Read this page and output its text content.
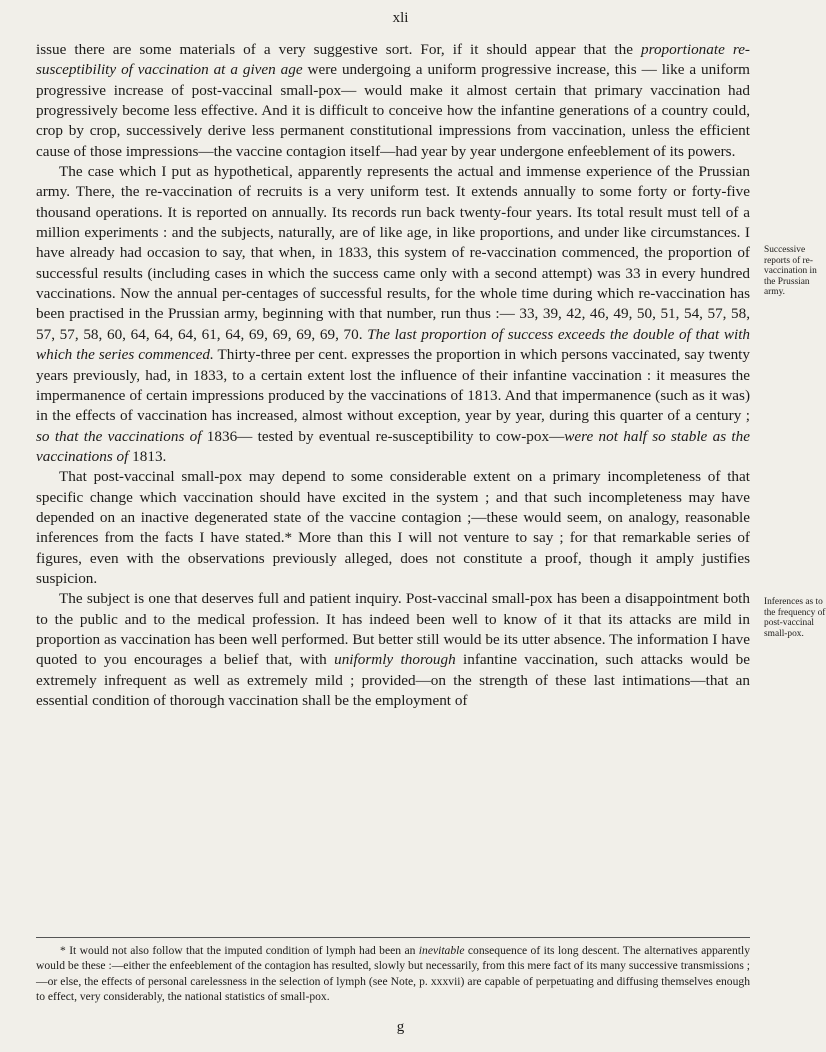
xli

issue there are some materials of a very suggestive sort. For, if it should appear that the proportionate re-susceptibility of vaccination at a given age were undergoing a uniform progressive increase, this — like a uniform progressive increase of post-vaccinal small-pox— would make it almost certain that primary vaccination had progressively become less effective. And it is difficult to conceive how the infantine generations of a country could, crop by crop, successively derive less permanent constitutional impressions from vaccination, unless the efficient cause of those impressions—the vaccine contagion itself—had year by year undergone enfeeblement of its powers.

The case which I put as hypothetical, apparently represents the actual and immense experience of the Prussian army. There, the re-vaccination of recruits is a very uniform test. It extends annually to some forty or forty-five thousand operations. It is reported on annually. Its records run back twenty-four years. Its total result must tell of a million experiments : and the subjects, naturally, are of like age, in like proportions, and under like circumstances. I have already had occasion to say, that when, in 1833, this system of re-vaccination commenced, the proportion of successful results (including cases in which the success came only with a second attempt) was 33 in every hundred vaccinations. Now the annual per-centages of successful results, for the whole time during which re-vaccination has been practised in the Prussian army, beginning with that number, run thus :— 33, 39, 42, 46, 49, 50, 51, 54, 57, 58, 57, 57, 58, 60, 64, 64, 64, 61, 64, 69, 69, 69, 69, 70. The last proportion of success exceeds the double of that with which the series commenced. Thirty-three per cent. expresses the proportion in which persons vaccinated, say twenty years previously, had, in 1833, to a certain extent lost the influence of their infantine vaccination : it measures the impermanence of certain impressions produced by the vaccinations of 1813. And that impermanence (such as it was) in the effects of vaccination has increased, almost without exception, year by year, during this quarter of a century ; so that the vaccinations of 1836— tested by eventual re-susceptibility to cow-pox—were not half so stable as the vaccinations of 1813.

That post-vaccinal small-pox may depend to some considerable extent on a primary incompleteness of that specific change which vaccination should have excited in the system ; and that such incompleteness may have depended on an inactive degenerated state of the vaccine contagion ;—these would seem, on analogy, reasonable inferences from the facts I have stated.* More than this I will not venture to say ; for that remarkable series of figures, even with the observations previously alleged, does not constitute a proof, though it amply justifies suspicion.

The subject is one that deserves full and patient inquiry. Post-vaccinal small-pox has been a disappointment both to the public and to the medical profession. It has indeed been well to know of it that its attacks are mild in proportion as vaccination has been well performed. But better still would be its utter absence. The information I have quoted to you encourages a belief that, with uniformly thorough infantine vaccination, such attacks would be extremely infrequent as well as extremely mild ; provided—on the strength of these last intimations—that an essential condition of thorough vaccination shall be the employment of

Successive reports of re-vaccination in the Prussian army.
Inferences as to the frequency of post-vaccinal small-pox.
* It would not also follow that the imputed condition of lymph had been an inevitable consequence of its long descent. The alternatives apparently would be these :—either the enfeeblement of the contagion has resulted, slowly but necessarily, from this mere fact of its many successive transmissions ;—or else, the effects of personal carelessness in the selection of lymph (see Note, p. xxxvii) are capable of perpetuating and diffusing themselves enough to effect, very considerably, the national statistics of small-pox.
g
